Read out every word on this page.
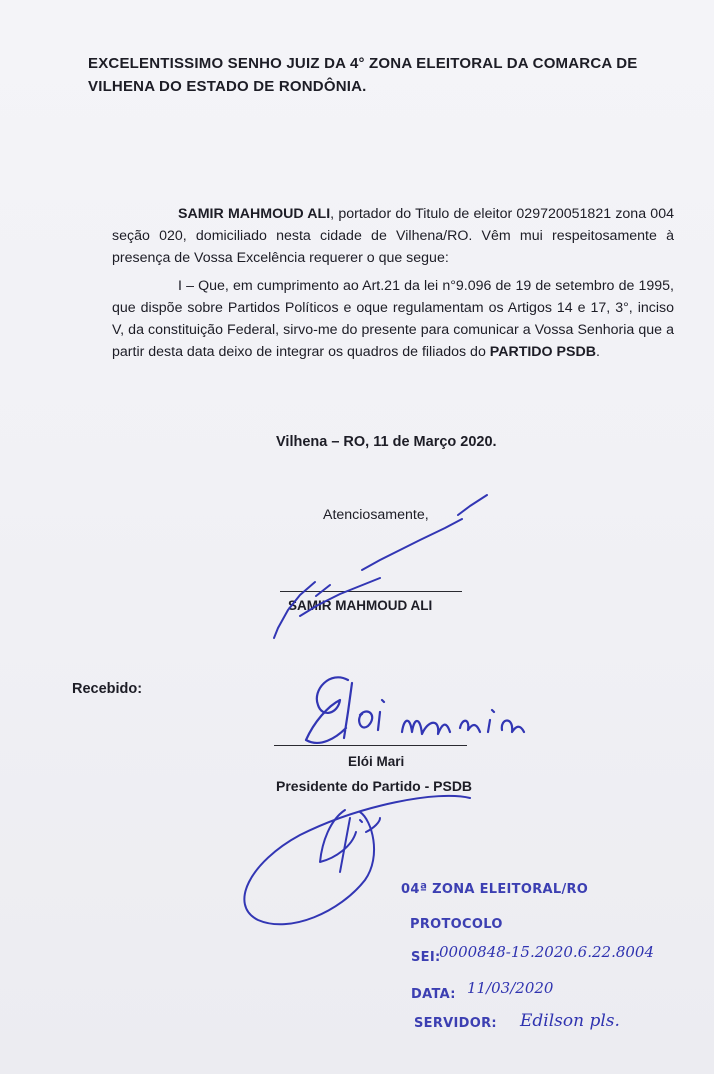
EXCELENTISSIMO SENHO JUIZ DA 4° ZONA ELEITORAL DA COMARCA DE VILHENA DO ESTADO DE RONDÔNIA.
SAMIR MAHMOUD ALI, portador do Titulo de eleitor 029720051821 zona 004 seção 020, domiciliado nesta cidade de Vilhena/RO. Vêm mui respeitosamente à presença de Vossa Excelência requerer o que segue:
I – Que, em cumprimento ao Art.21 da lei n°9.096 de 19 de setembro de 1995, que dispõe sobre Partidos Políticos e oque regulamentam os Artigos 14 e 17, 3°, inciso V, da constituição Federal, sirvo-me do presente para comunicar a Vossa Senhoria que a partir desta data deixo de integrar os quadros de filiados do PARTIDO PSDB.
Vilhena – RO, 11 de Março 2020.
Atenciosamente,
SAMIR MAHMOUD ALI
Recebido:
Elói Mari
Presidente do Partido - PSDB
04ª ZONA ELEITORAL/RO
PROTOCOLO
SEI:
DATA:
SERVIDOR:
0000848-15.2020.6.22.8004
11/03/2020
Edilson pls.
